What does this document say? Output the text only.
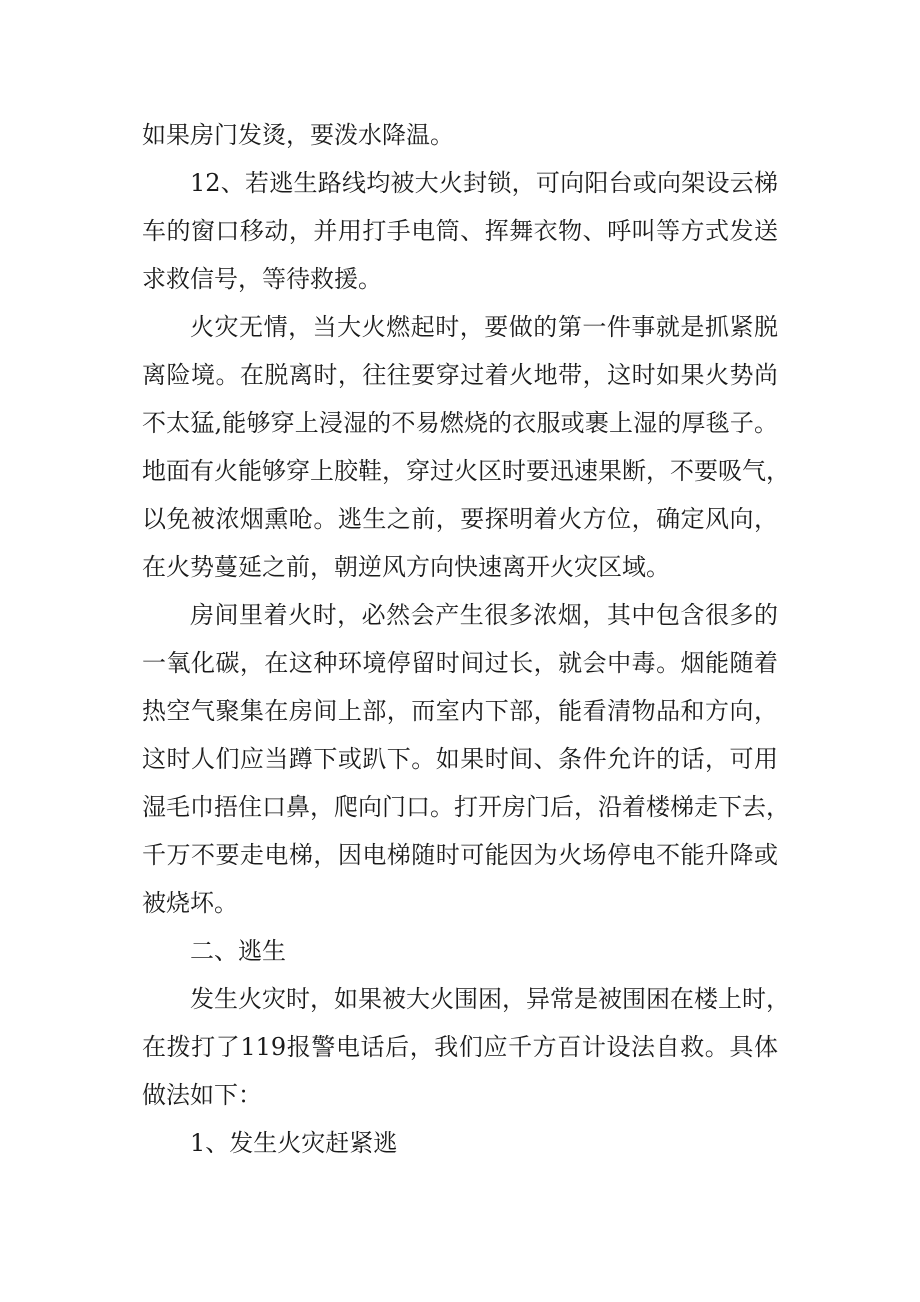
如果房门发烫，要泼水降温。
12、若逃生路线均被大火封锁，可向阳台或向架设云梯
车的窗口移动，并用打手电筒、挥舞衣物、呼叫等方式发送
求救信号，等待救援。
火灾无情，当大火燃起时，要做的第一件事就是抓紧脱
离险境。在脱离时，往往要穿过着火地带，这时如果火势尚
不太猛,能够穿上浸湿的不易燃烧的衣服或裹上湿的厚毯子。
地面有火能够穿上胶鞋，穿过火区时要迅速果断，不要吸气，
以免被浓烟熏呛。逃生之前，要探明着火方位，确定风向，
在火势蔓延之前，朝逆风方向快速离开火灾区域。
房间里着火时，必然会产生很多浓烟，其中包含很多的
一氧化碳，在这种环境停留时间过长，就会中毒。烟能随着
热空气聚集在房间上部，而室内下部，能看清物品和方向，
这时人们应当蹲下或趴下。如果时间、条件允许的话，可用
湿毛巾捂住口鼻，爬向门口。打开房门后，沿着楼梯走下去，
千万不要走电梯，因电梯随时可能因为火场停电不能升降或
被烧坏。
二、逃生
发生火灾时，如果被大火围困，异常是被围困在楼上时，
在拨打了119报警电话后，我们应千方百计设法自救。具体
做法如下：
1、发生火灾赶紧逃
